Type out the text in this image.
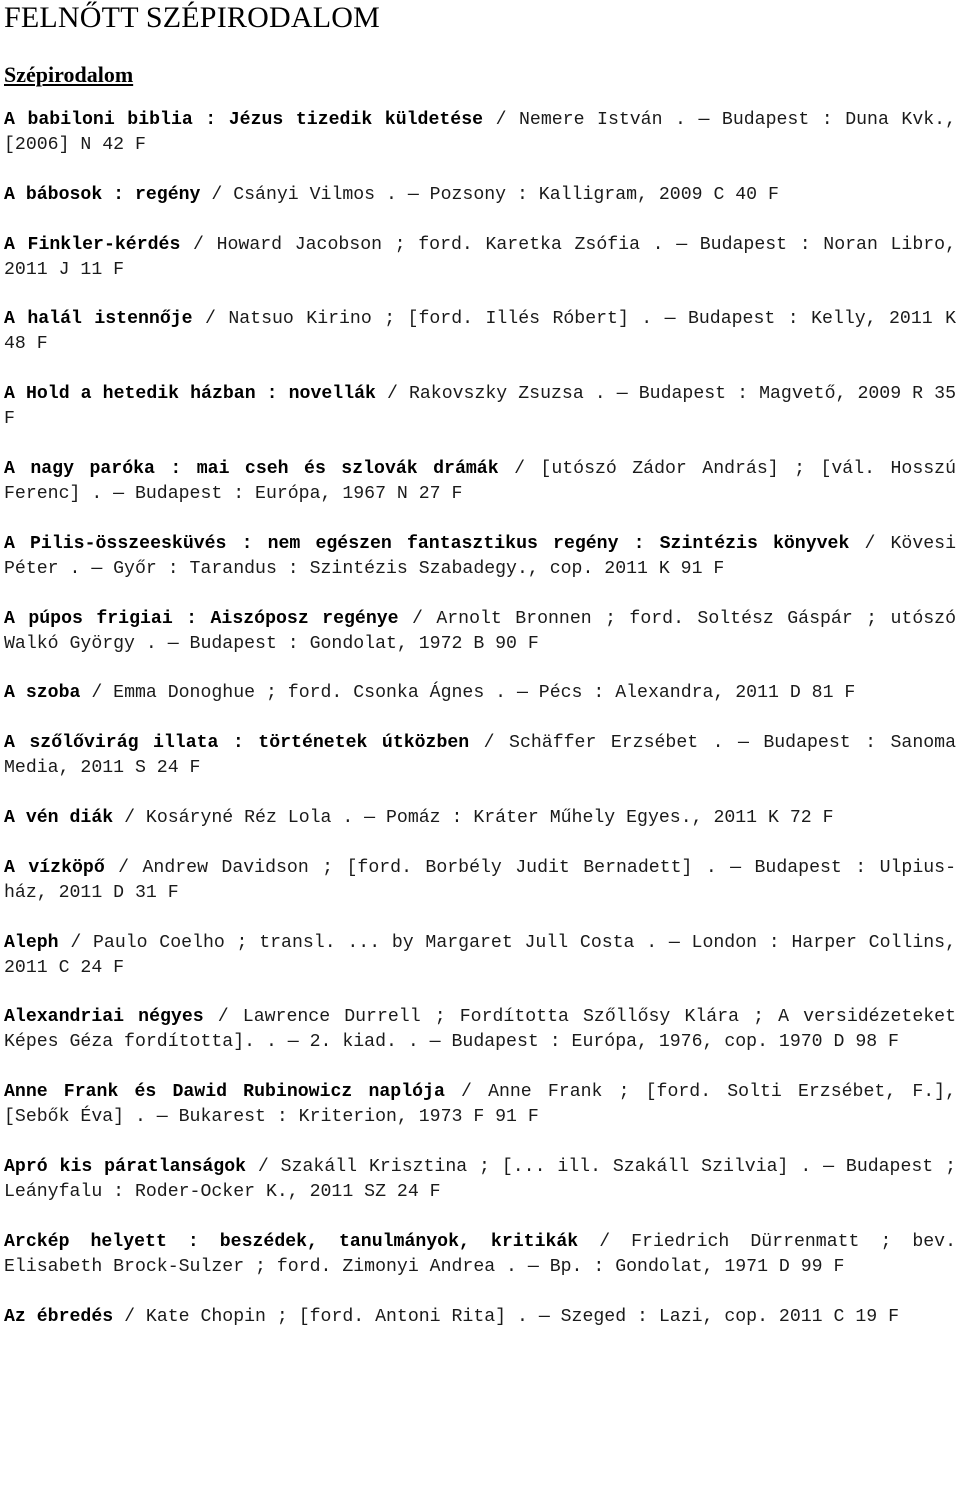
FELNŐTT SZÉPIRODALOM
Szépirodalom

A babiloni biblia : Jézus tizedik küldetése / Nemere István . ― Budapest : Duna Kvk., [2006] N 42 F

A bábosok : regény / Csányi Vilmos . ― Pozsony : Kalligram, 2009 C 40 F

A Finkler-kérdés / Howard Jacobson ; ford. Karetka Zsófia . ― Budapest : Noran Libro, 2011 J 11 F

A halál istennője / Natsuo Kirino ; [ford. Illés Róbert] . ― Budapest : Kelly, 2011 K 48 F

A Hold a hetedik házban : novellák / Rakovszky Zsuzsa . ― Budapest : Magvető, 2009 R 35 F

A nagy paróka : mai cseh és szlovák drámák / [utószó Zádor András] ; [vál. Hosszú Ferenc] . ― Budapest : Európa, 1967 N 27 F

A Pilis-összeesküvés : nem egészen fantasztikus regény : Szintézis könyvek / Kövesi Péter . ― Győr : Tarandus : Szintézis Szabadegy., cop. 2011 K 91 F

A púpos frigiai : Aiszóposz regénye / Arnolt Bronnen ; ford. Soltész Gáspár ; utószó Walkó György . ― Budapest : Gondolat, 1972 B 90 F

A szoba / Emma Donoghue ; ford. Csonka Ágnes . ― Pécs : Alexandra, 2011 D 81 F

A szőlővirág illata : történetek útközben / Schäffer Erzsébet . ― Budapest : Sanoma Media, 2011 S 24 F

A vén diák / Kosáryné Réz Lola . ― Pomáz : Kráter Műhely Egyes., 2011 K 72 F

A vízköpő / Andrew Davidson ; [ford. Borbély Judit Bernadett] . ― Budapest : Ulpius-ház, 2011 D 31 F

Aleph / Paulo Coelho ; transl. ... by Margaret Jull Costa . ― London : Harper Collins, 2011 C 24 F

Alexandriai négyes / Lawrence Durrell ; Fordította Szőllősy Klára ; A versidézeteket Képes Géza fordította]. . ― 2. kiad. . ― Budapest : Európa, 1976, cop. 1970 D 98 F

Anne Frank és Dawid Rubinowicz naplója / Anne Frank ; [ford. Solti Erzsébet, F.], [Sebők Éva] . ― Bukarest : Kriterion, 1973 F 91 F

Apró kis páratlanságok / Szakáll Krisztina ; [... ill. Szakáll Szilvia] . ― Budapest ; Leányfalu : Roder-Ocker K., 2011 SZ 24 F

Arckép helyett : beszédek, tanulmányok, kritikák / Friedrich Dürrenmatt ; bev. Elisabeth Brock-Sulzer ; ford. Zimonyi Andrea . ― Bp. : Gondolat, 1971 D 99 F

Az ébredés / Kate Chopin ; [ford. Antoni Rita] . ― Szeged : Lazi, cop. 2011 C 19 F
